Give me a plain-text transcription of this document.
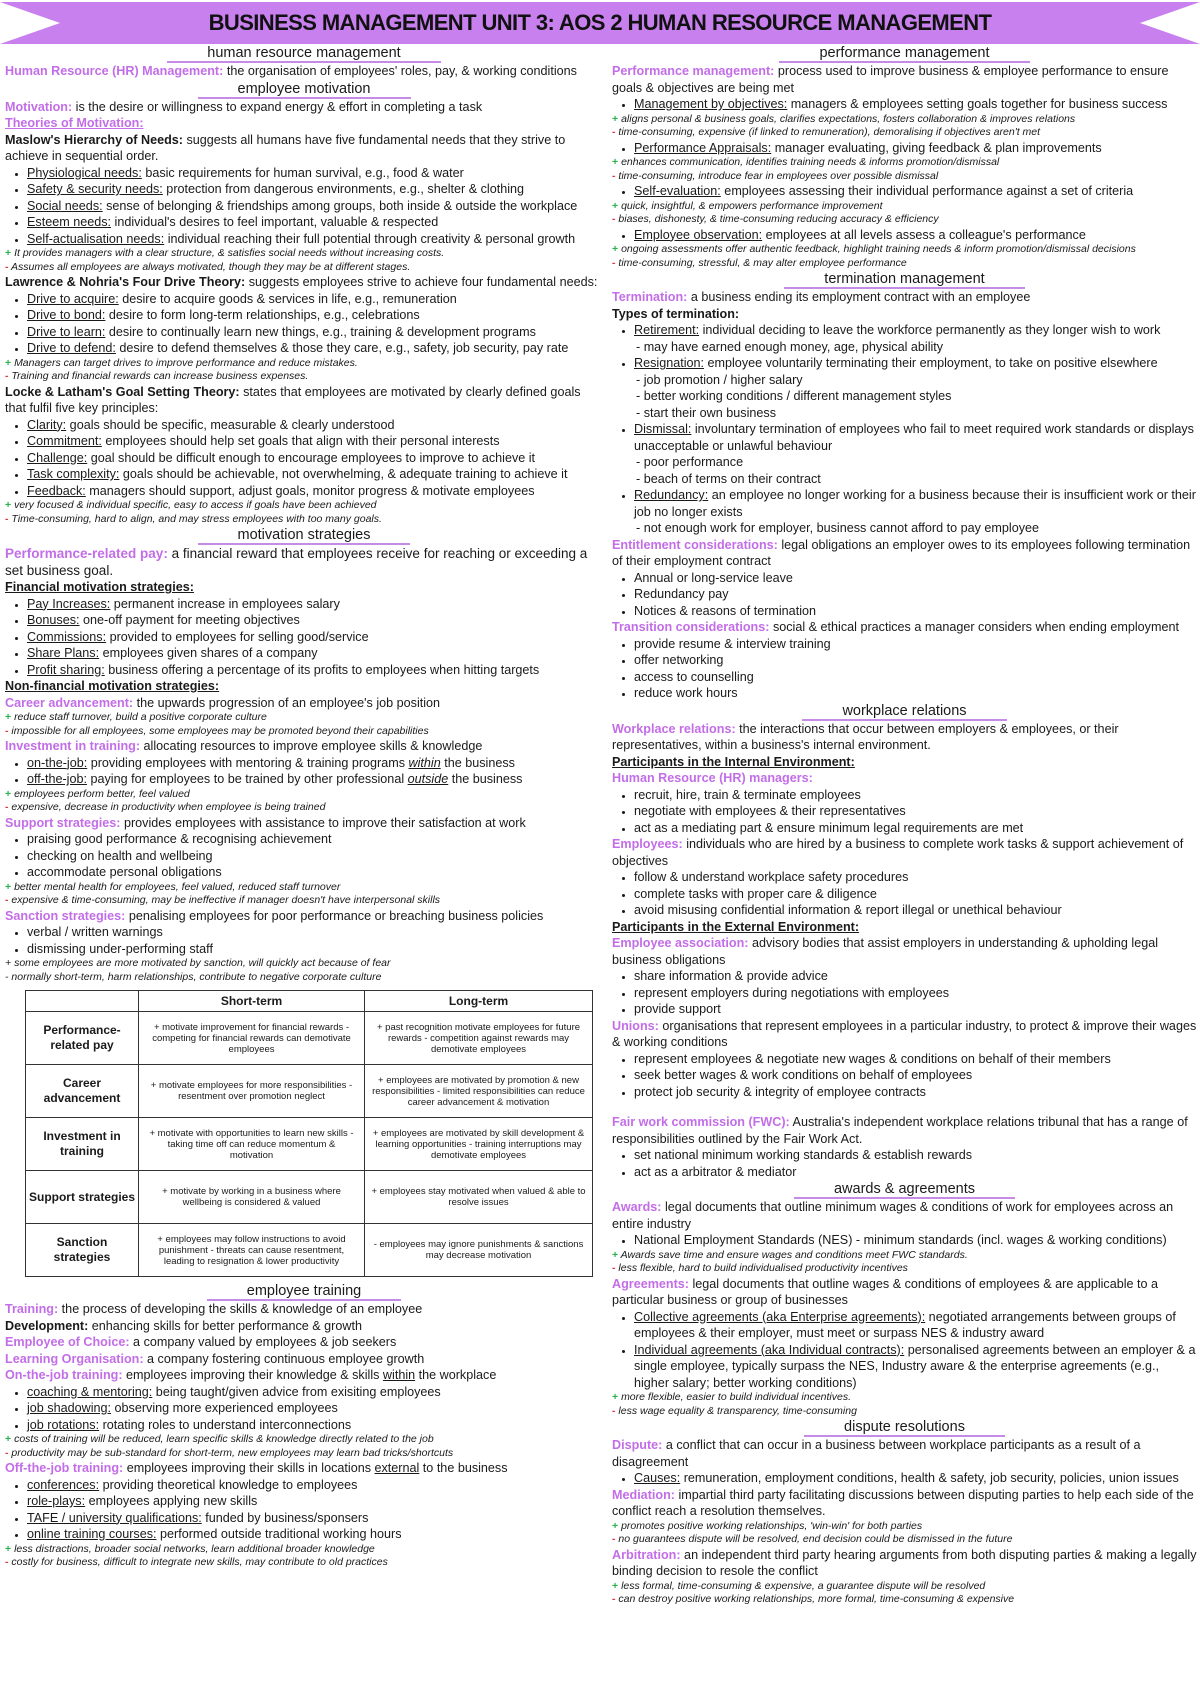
BUSINESS MANAGEMENT UNIT 3: AOS 2 HUMAN RESOURCE MANAGEMENT
human resource management

Human Resource (HR) Management: the organisation of employees' roles, pay, & working conditions

employee motivation

Motivation: is the desire or willingness to expand energy & effort in completing a task

Theories of Motivation:

Maslow's Hierarchy of Needs: suggests all humans have five fundamental needs that they strive to achieve in sequential order.

• Physiological needs: basic requirements for human survival, e.g., food & water
• Safety & security needs: protection from dangerous environments, e.g., shelter & clothing
• Social needs: sense of belonging & friendships among groups, both inside & outside the workplace
• Esteem needs: individual's desires to feel important, valuable & respected
• Self-actualisation needs: individual reaching their full potential through creativity & personal growth

+ It provides managers with a clear structure, & satisfies social needs without increasing costs.

- Assumes all employees are always motivated, though they may be at different stages.

Lawrence & Nohria's Four Drive Theory: suggests employees strive to achieve four fundamental needs:

• Drive to acquire: desire to acquire goods & services in life, e.g., remuneration
• Drive to bond: desire to form long-term relationships, e.g., celebrations
• Drive to learn: desire to continually learn new things, e.g., training & development programs
• Drive to defend: desire to defend themselves & those they care, e.g., safety, job security, pay rate

+ Managers can target drives to improve performance and reduce mistakes.

- Training and financial rewards can increase business expenses.

Locke & Latham's Goal Setting Theory: states that employees are motivated by clearly defined goals that fulfil five key principles:

• Clarity: goals should be specific, measurable & clearly understood
• Commitment: employees should help set goals that align with their personal interests
• Challenge: goal should be difficult enough to encourage employees to improve to achieve it
• Task complexity: goals should be achievable, not overwhelming, & adequate training to achieve it
• Feedback: managers should support, adjust goals, monitor progress & motivate employees

+ very focused & individual specific, easy to access if goals have been achieved

- Time-consuming, hard to align, and may stress employees with too many goals.

motivation strategies

Performance-related pay: a financial reward that employees receive for reaching or exceeding a set business goal.

Financial motivation strategies:

• Pay Increases: permanent increase in employees salary
• Bonuses: one-off payment for meeting objectives
• Commissions: provided to employees for selling good/service
• Share Plans: employees given shares of a company
• Profit sharing: business offering a percentage of its profits to employees when hitting targets

Non-financial motivation strategies:

Career advancement: the upwards progression of an employee's job position

+ reduce staff turnover, build a positive corporate culture

- impossible for all employees, some employees may be promoted beyond their capabilities

Investment in training: allocating resources to improve employee skills & knowledge

• on-the-job: providing employees with mentoring & training programs within the business
• off-the-job: paying for employees to be trained by other professional outside the business

+ employees perform better, feel valued

- expensive, decrease in productivity when employee is being trained

Support strategies: provides employees with assistance to improve their satisfaction at work

• praising good performance & recognising achievement
• checking on health and wellbeing
• accommodate personal obligations

+ better mental health for employees, feel valued, reduced staff turnover

- expensive & time-consuming, may be ineffective if manager doesn't have interpersonal skills

Sanction strategies: penalising employees for poor performance or breaching business policies

• verbal / written warnings
• dismissing under-performing staff

+ some employees are more motivated by sanction, will quickly act because of fear

- normally short-term, harm relationships, contribute to negative corporate culture

	Short-term	Long-term
Performance-related pay	+ motivate improvement for financial rewards - competing for financial rewards can demotivate employees	+ past recognition motivate employees for future rewards - competition against rewards may demotivate employees
Career advancement	+ motivate employees for more responsibilities - resentment over promotion neglect	+ employees are motivated by promotion & new responsibilities - limited responsibilities can reduce career advancement & motivation
Investment in training	+ motivate with opportunities to learn new skills - taking time off can reduce momentum & motivation	+ employees are motivated by skill development & learning opportunities - training interruptions may demotivate employees
Support strategies	+ motivate by working in a business where wellbeing is considered & valued	+ employees stay motivated when valued & able to resolve issues
Sanction strategies	+ employees may follow instructions to avoid punishment - threats can cause resentment, leading to resignation & lower productivity	- employees may ignore punishments & sanctions may decrease motivation
employee training

Training: the process of developing the skills & knowledge of an employee

Development: enhancing skills for better performance & growth

Employee of Choice: a company valued by employees & job seekers

Learning Organisation: a company fostering continuous employee growth

On-the-job training: employees improving their knowledge & skills within the workplace

• coaching & mentoring: being taught/given advice from exisiting employees
• job shadowing: observing more experienced employees
• job rotations: rotating roles to understand interconnections

+ costs of training will be reduced, learn specific skills & knowledge directly related to the job

- productivity may be sub-standard for short-term, new employees may learn bad tricks/shortcuts

Off-the-job training: employees improving their skills in locations external to the business

• conferences: providing theoretical knowledge to employees
• role-plays: employees applying new skills
• TAFE / university qualifications: funded by business/sponsers
• online training courses: performed outside traditional working hours

+ less distractions, broader social networks, learn additional broader knowledge

- costly for business, difficult to integrate new skills, may contribute to old practices

performance management

Performance management: process used to improve business & employee performance to ensure goals & objectives are being met

• Management by objectives: managers & employees setting goals together for business success

+ aligns personal & business goals, clarifies expectations, fosters collaboration & improves relations

- time-consuming, expensive (if linked to remuneration), demoralising if objectives aren't met

• Performance Appraisals: manager evaluating, giving feedback & plan improvements

+ enhances communication, identifies training needs & informs promotion/dismissal

- time-consuming, introduce fear in employees over possible dismissal

• Self-evaluation: employees assessing their individual performance against a set of criteria

+ quick, insightful, & empowers performance improvement

- biases, dishonesty, & time-consuming reducing accuracy & efficiency

• Employee observation: employees at all levels assess a colleague's performance

+ ongoing assessments offer authentic feedback, highlight training needs & inform promotion/dismissal decisions

- time-consuming, stressful, & may alter employee performance

termination management

Termination: a business ending its employment contract with an employee

Types of termination:

• Retirement: individual deciding to leave the workforce permanently as they longer wish to work

- may have earned enough money, age, physical ability

• Resignation: employee voluntarily terminating their employment, to take on positive elsewhere

- job promotion / higher salary

- better working conditions / different management styles

- start their own business

• Dismissal: involuntary termination of employees who fail to meet required work standards or displays unacceptable or unlawful behaviour

- poor performance

- beach of terms on their contract

• Redundancy: an employee no longer working for a business because their is insufficient work or their job no longer exists

- not enough work for employer, business cannot afford to pay employee

Entitlement considerations: legal obligations an employer owes to its employees following termination of their employment contract

• Annual or long-service leave
• Redundancy pay
• Notices & reasons of termination

Transition considerations: social & ethical practices a manager considers when ending employment

• provide resume & interview training
• offer networking
• access to counselling
• reduce work hours
workplace relations

Workplace relations: the interactions that occur between employers & employees, or their representatives, within a business's internal environment.

Participants in the Internal Environment:

Human Resource (HR) managers:

• recruit, hire, train & terminate employees
• negotiate with employees & their representatives
• act as a mediating part & ensure minimum legal requirements are met

Employees: individuals who are hired by a business to complete work tasks & support achievement of objectives

• follow & understand workplace safety procedures
• complete tasks with proper care & diligence
• avoid misusing confidential information & report illegal or unethical behaviour

Participants in the External Environment:

Employee association: advisory bodies that assist employers in understanding & upholding legal business obligations

• share information & provide advice
• represent employers during negotiations with employees
• provide support

Unions: organisations that represent employees in a particular industry, to protect & improve their wages & working conditions

• represent employees & negotiate new wages & conditions on behalf of their members
• seek better wages & work conditions on behalf of employees
• protect job security & integrity of employee contracts

Fair work commission (FWC): Australia's independent workplace relations tribunal that has a range of responsibilities outlined by the Fair Work Act.

• set national minimum working standards & establish rewards
• act as a arbitrator & mediator
awards & agreements

Awards: legal documents that outline minimum wages & conditions of work for employees across an entire industry

• National Employment Standards (NES) - minimum standards (incl. wages & working conditions)

+ Awards save time and ensure wages and conditions meet FWC standards.

- less flexible, hard to build individualised productivity incentives

Agreements: legal documents that outline wages & conditions of employees & are applicable to a particular business or group of businesses

• Collective agreements (aka Enterprise agreements): negotiated arrangements between groups of employees & their employer, must meet or surpass NES & industry award
• Individual agreements (aka Individual contracts): personalised agreements between an employer & a single employee, typically surpass the NES, Industry aware & the enterprise agreements (e.g., higher salary; better working conditions)

+ more flexible, easier to build individual incentives.

- less wage equality & transparency, time-consuming

dispute resolutions

Dispute: a conflict that can occur in a business between workplace participants as a result of a disagreement

• Causes: remuneration, employment conditions, health & safety, job security, policies, union issues

Mediation: impartial third party facilitating discussions between disputing parties to help each side of the conflict reach a resolution themselves.

+ promotes positive working relationships, 'win-win' for both parties

- no guarantees dispute will be resolved, end decision could be dismissed in the future

Arbitration: an independent third party hearing arguments from both disputing parties & making a legally binding decision to resole the conflict

+ less formal, time-consuming & expensive, a guarantee dispute will be resolved

- can destroy positive working relationships, more formal, time-consuming & expensive
